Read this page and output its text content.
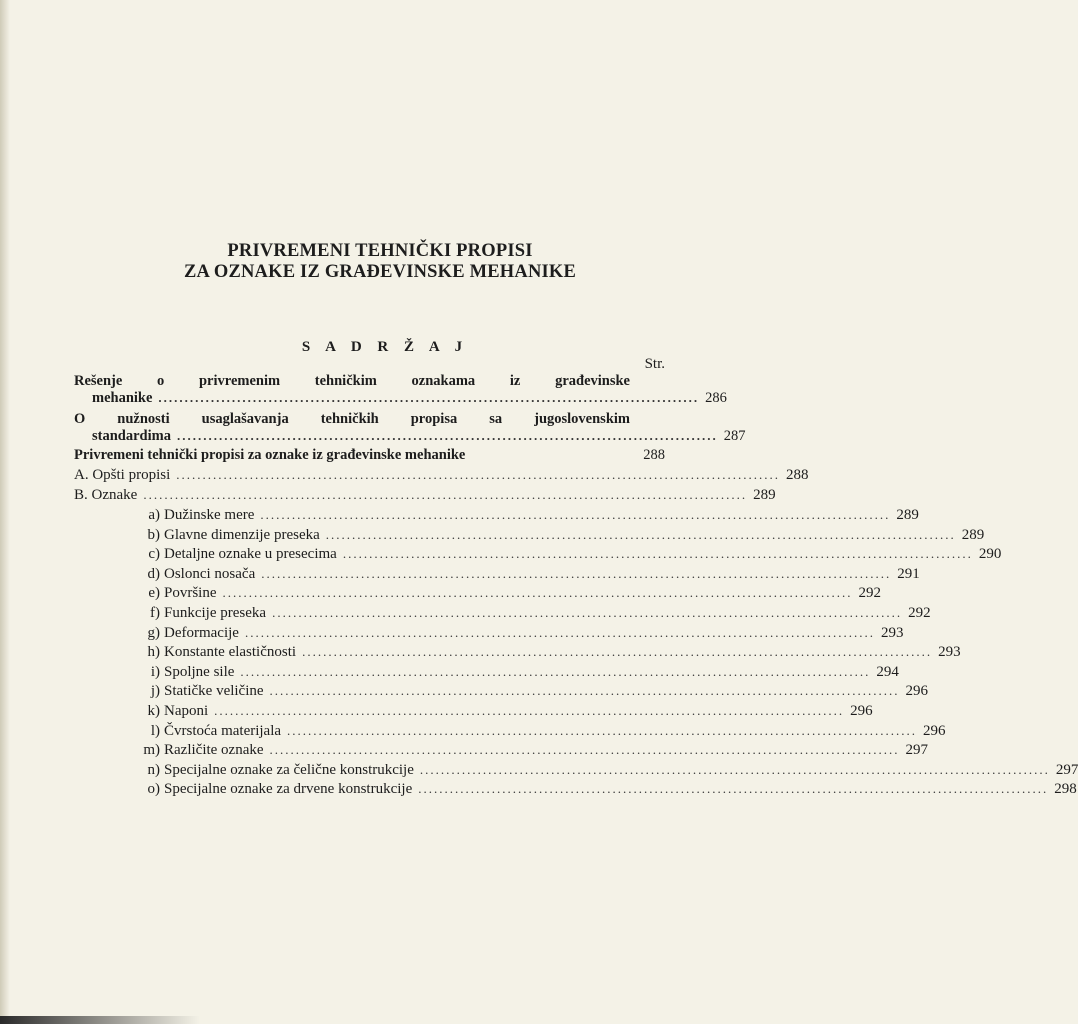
PRIVREMENI TEHNIČKI PROPISI
ZA OZNAKE IZ GRAĐEVINSKE MEHANIKE
S A D R Ž A J
Str.
Rešenje o privremenim tehničkim oznakama iz građevinske
mehanike ....................................................................................................... 286
O nužnosti usaglašavanja tehničkih propisa sa jugoslovenskim
standardima ....................................................................................................... 287
Privremeni tehnički propisi za oznake iz građevinske mehanike	288
A. Opšti propisi ................................................................................................................... 288
B. Oznake ................................................................................................................... 289
a) Dužinske mere ........................................................................................................................ 289
b) Glavne dimenzije preseka ........................................................................................................................ 289
c) Detaljne oznake u presecima ........................................................................................................................ 290
d) Oslonci nosača ........................................................................................................................ 291
e) Površine ........................................................................................................................ 292
f) Funkcije preseka ........................................................................................................................ 292
g) Deformacije ........................................................................................................................ 293
h) Konstante elastičnosti ........................................................................................................................ 293
i) Spoljne sile ........................................................................................................................ 294
j) Statičke veličine ........................................................................................................................ 296
k) Naponi ........................................................................................................................ 296
l) Čvrstoća materijala ........................................................................................................................ 296
m) Različite oznake ........................................................................................................................ 297
n) Specijalne oznake za čelične konstrukcije ........................................................................................................................ 297
o) Specijalne oznake za drvene konstrukcije ........................................................................................................................ 298
